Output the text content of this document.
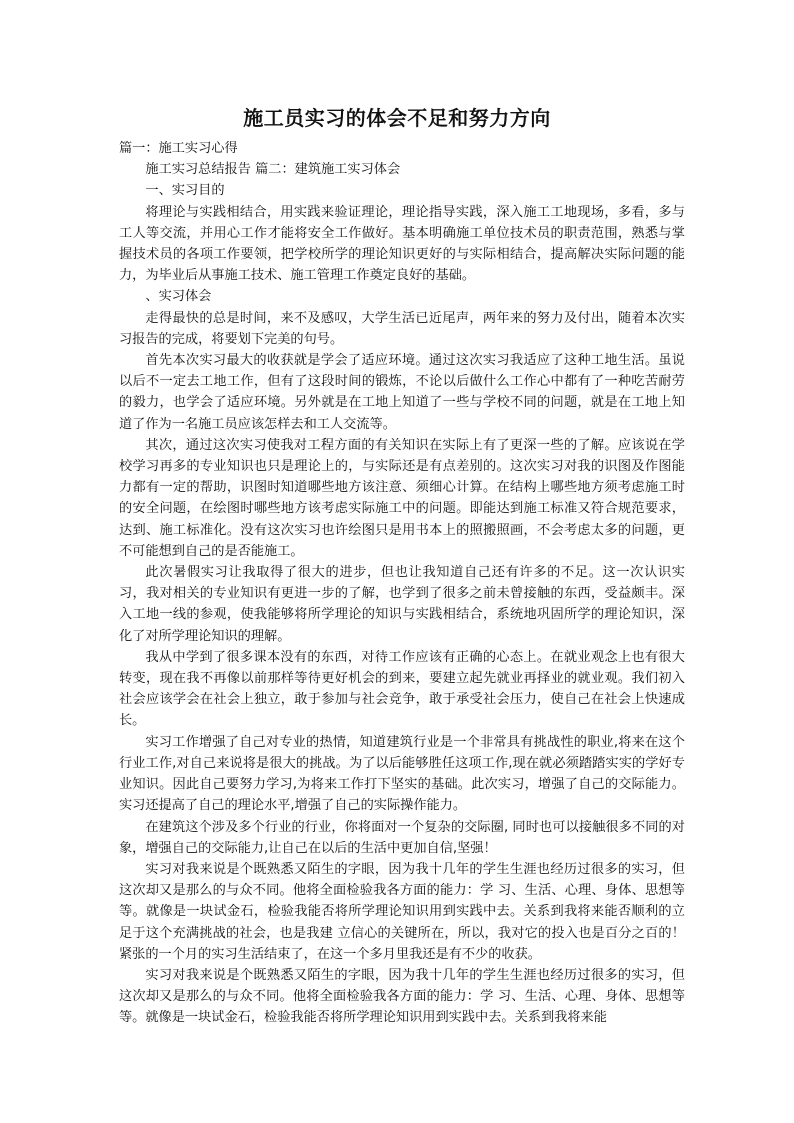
施工员实习的体会不足和努力方向

篇一：施工实习心得

施工实习总结报告 篇二：建筑施工实习体会

一、实习目的

将理论与实践相结合，用实践来验证理论，理论指导实践，深入施工工地现场，多看，多与工人等交流，并用心工作才能将安全工作做好。基本明确施工单位技术员的职责范围，熟悉与掌握技术员的各项工作要领，把学校所学的理论知识更好的与实际相结合，提高解决实际问题的能力，为毕业后从事施工技术、施工管理工作奠定良好的基础。

、实习体会

走得最快的总是时间，来不及感叹，大学生活已近尾声，两年来的努力及付出，随着本次实习报告的完成，将要划下完美的句号。

首先本次实习最大的收获就是学会了适应环境。通过这次实习我适应了这种工地生活。虽说以后不一定去工地工作，但有了这段时间的锻炼，不论以后做什么工作心中都有了一种吃苦耐劳的毅力，也学会了适应环境。另外就是在工地上知道了一些与学校不同的问题，就是在工地上知道了作为一名施工员应该怎样去和工人交流等。

其次，通过这次实习使我对工程方面的有关知识在实际上有了更深一些的了解。应该说在学校学习再多的专业知识也只是理论上的，与实际还是有点差别的。这次实习对我的识图及作图能力都有一定的帮助，识图时知道哪些地方该注意、须细心计算。在结构上哪些地方须考虑施工时的安全问题，在绘图时哪些地方该考虑实际施工中的问题。即能达到施工标准又符合规范要求，达到、施工标准化。没有这次实习也许绘图只是用书本上的照搬照画，不会考虑太多的问题，更不可能想到自己的是否能施工。

此次暑假实习让我取得了很大的进步，但也让我知道自己还有许多的不足。这一次认识实习，我对相关的专业知识有更进一步的了解，也学到了很多之前未曾接触的东西，受益颇丰。深入工地一线的参观，使我能够将所学理论的知识与实践相结合，系统地巩固所学的理论知识，深化了对所学理论知识的理解。

我从中学到了很多课本没有的东西，对待工作应该有正确的心态上。在就业观念上也有很大转变，现在我不再像以前那样等待更好机会的到来，要建立起先就业再择业的就业观。我们初入社会应该学会在社会上独立，敢于参加与社会竞争，敢于承受社会压力，使自己在社会上快速成长。

实习工作增强了自己对专业的热情，知道建筑行业是一个非常具有挑战性的职业,将来在这个行业工作,对自己来说将是很大的挑战。为了以后能够胜任这项工作,现在就必须踏踏实实的学好专业知识。因此自己要努力学习,为将来工作打下坚实的基础。此次实习，增强了自己的交际能力。实习还提高了自己的理论水平,增强了自己的实际操作能力。

在建筑这个涉及多个行业的行业，你将面对一个复杂的交际圈, 同时也可以接触很多不同的对象，增强自己的交际能力,让自己在以后的生活中更加自信,坚强！

实习对我来说是个既熟悉又陌生的字眼，因为我十几年的学生生涯也经历过很多的实习，但这次却又是那么的与众不同。他将全面检验我各方面的能力：学 习、生活、心理、身体、思想等等。就像是一块试金石，检验我能否将所学理论知识用到实践中去。关系到我将来能否顺利的立足于这个充满挑战的社会，也是我建 立信心的关键所在，所以，我对它的投入也是百分之百的！紧张的一个月的实习生活结束了，在这一个多月里我还是有不少的收获。

实习对我来说是个既熟悉又陌生的字眼，因为我十几年的学生生涯也经历过很多的实习，但这次却又是那么的与众不同。他将全面检验我各方面的能力：学 习、生活、心理、身体、思想等等。就像是一块试金石，检验我能否将所学理论知识用到实践中去。关系到我将来能
